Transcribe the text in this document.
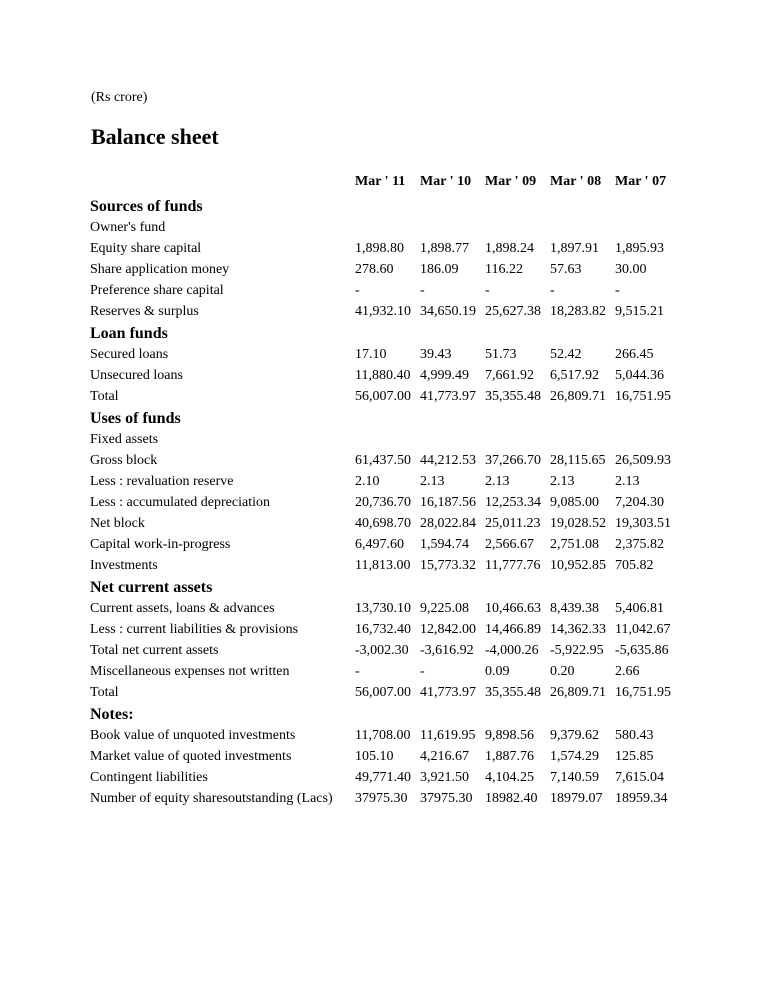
(Rs crore)
Balance sheet
	Mar ' 11	Mar ' 10	Mar ' 09	Mar ' 08	Mar ' 07
Sources of funds					
Owner's fund					
Equity share capital	1,898.80	1,898.77	1,898.24	1,897.91	1,895.93
Share application money	278.60	186.09	116.22	57.63	30.00
Preference share capital	-	-	-	-	-
Reserves & surplus	41,932.10	34,650.19	25,627.38	18,283.82	9,515.21
Loan funds					
Secured loans	17.10	39.43	51.73	52.42	266.45
Unsecured loans	11,880.40	4,999.49	7,661.92	6,517.92	5,044.36
Total	56,007.00	41,773.97	35,355.48	26,809.71	16,751.95
Uses of funds					
Fixed assets					
Gross block	61,437.50	44,212.53	37,266.70	28,115.65	26,509.93
Less : revaluation reserve	2.10	2.13	2.13	2.13	2.13
Less : accumulated depreciation	20,736.70	16,187.56	12,253.34	9,085.00	7,204.30
Net block	40,698.70	28,022.84	25,011.23	19,028.52	19,303.51
Capital work-in-progress	6,497.60	1,594.74	2,566.67	2,751.08	2,375.82
Investments	11,813.00	15,773.32	11,777.76	10,952.85	705.82
Net current assets					
Current assets, loans & advances	13,730.10	9,225.08	10,466.63	8,439.38	5,406.81
Less : current liabilities & provisions	16,732.40	12,842.00	14,466.89	14,362.33	11,042.67
Total net current assets	-3,002.30	-3,616.92	-4,000.26	-5,922.95	-5,635.86
Miscellaneous expenses not written	-	-	0.09	0.20	2.66
Total	56,007.00	41,773.97	35,355.48	26,809.71	16,751.95
Notes:					
Book value of unquoted investments	11,708.00	11,619.95	9,898.56	9,379.62	580.43
Market value of quoted investments	105.10	4,216.67	1,887.76	1,574.29	125.85
Contingent liabilities	49,771.40	3,921.50	4,104.25	7,140.59	7,615.04
Number of equity sharesoutstanding (Lacs)	37975.30	37975.30	18982.40	18979.07	18959.34
